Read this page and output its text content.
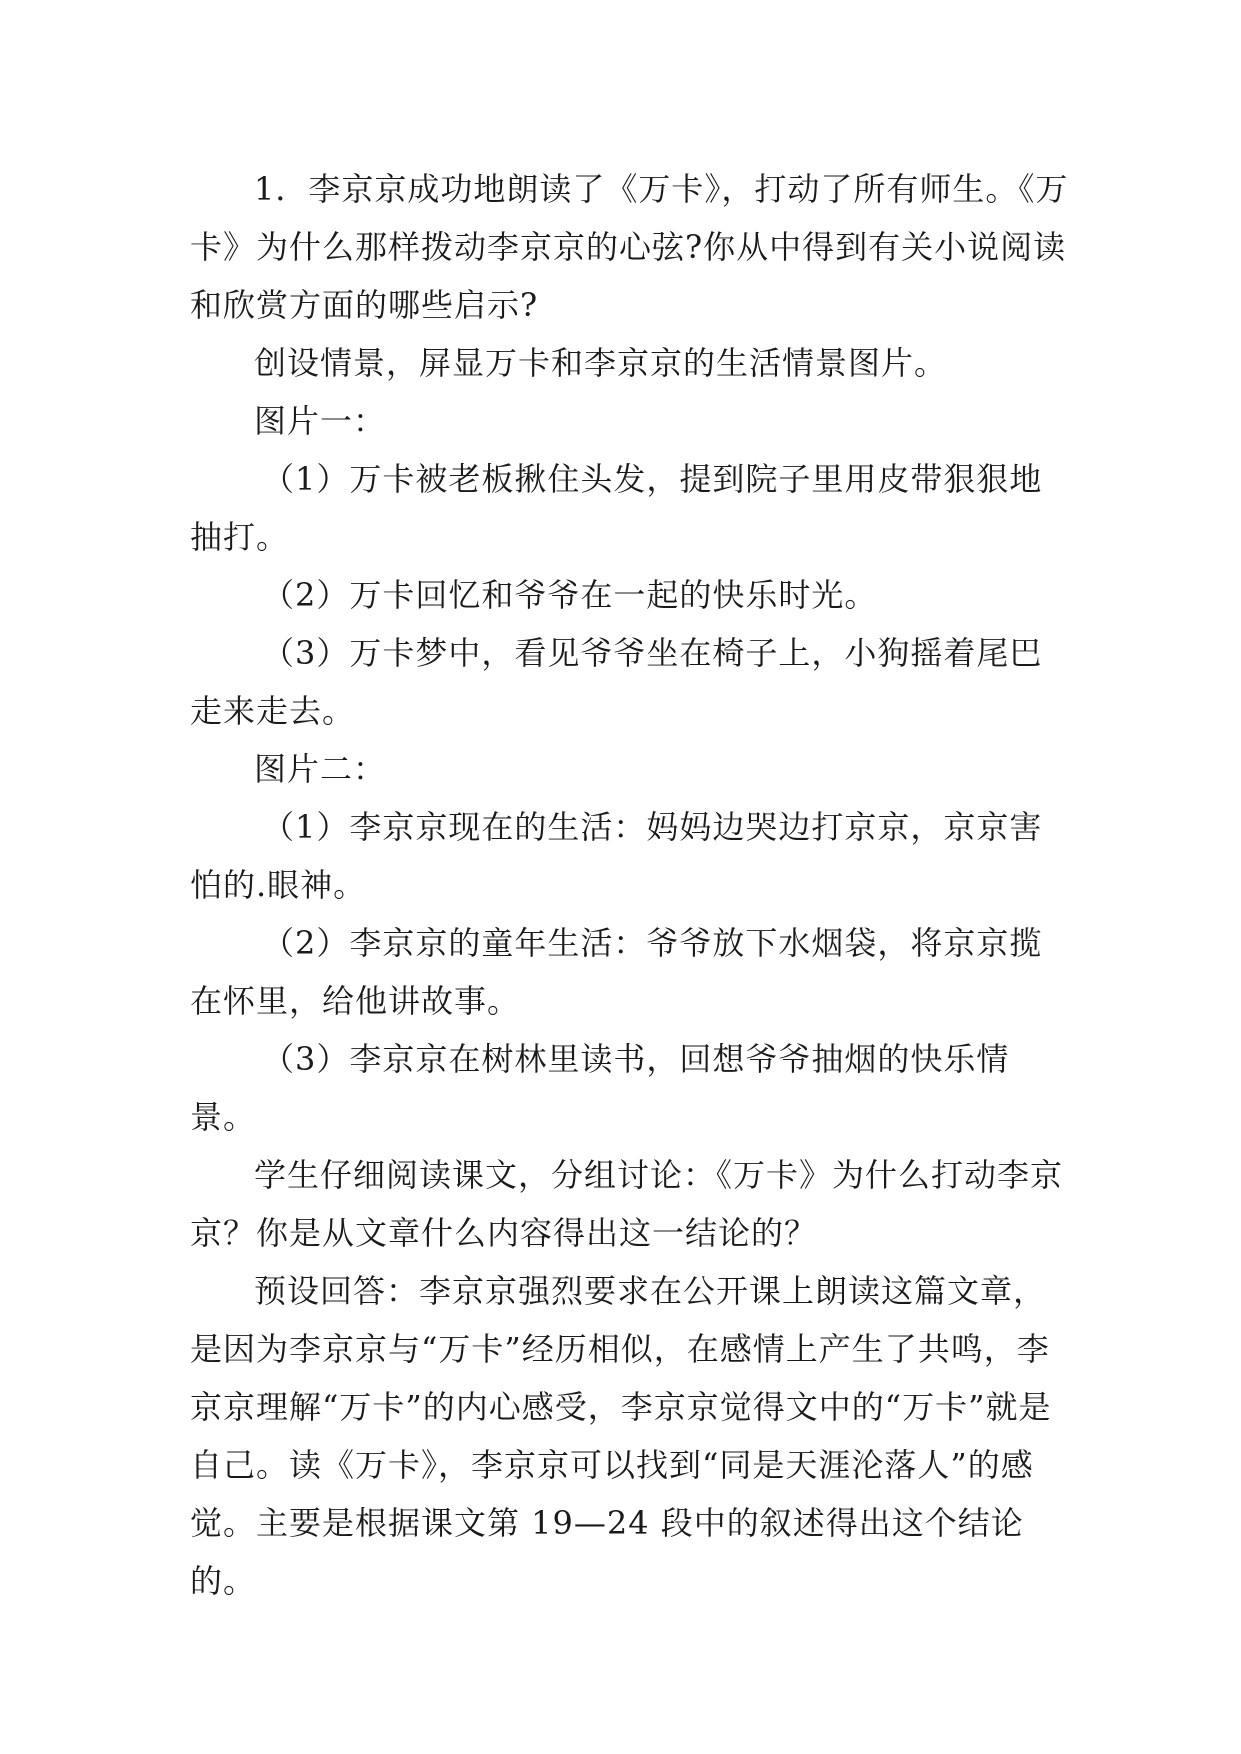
1．李京京成功地朗读了《万卡》，打动了所有师生。《万卡》为什么那样拨动李京京的心弦?你从中得到有关小说阅读和欣赏方面的哪些启示?

创设情景，屏显万卡和李京京的生活情景图片。

图片一：

（1）万卡被老板揪住头发，提到院子里用皮带狠狠地抽打。

（2）万卡回忆和爷爷在一起的快乐时光。

（3）万卡梦中，看见爷爷坐在椅子上，小狗摇着尾巴走来走去。

图片二：

（1）李京京现在的生活：妈妈边哭边打京京，京京害怕的.眼神。

（2）李京京的童年生活：爷爷放下水烟袋，将京京揽在怀里，给他讲故事。

（3）李京京在树林里读书，回想爷爷抽烟的快乐情景。

学生仔细阅读课文，分组讨论：《万卡》为什么打动李京京？你是从文章什么内容得出这一结论的？

预设回答：李京京强烈要求在公开课上朗读这篇文章，是因为李京京与“万卡”经历相似，在感情上产生了共鸣，李京京理解“万卡”的内心感受，李京京觉得文中的“万卡”就是自己。读《万卡》，李京京可以找到“同是天涯沦落人”的感觉。主要是根据课文第 19—24 段中的叙述得出这个结论的。
